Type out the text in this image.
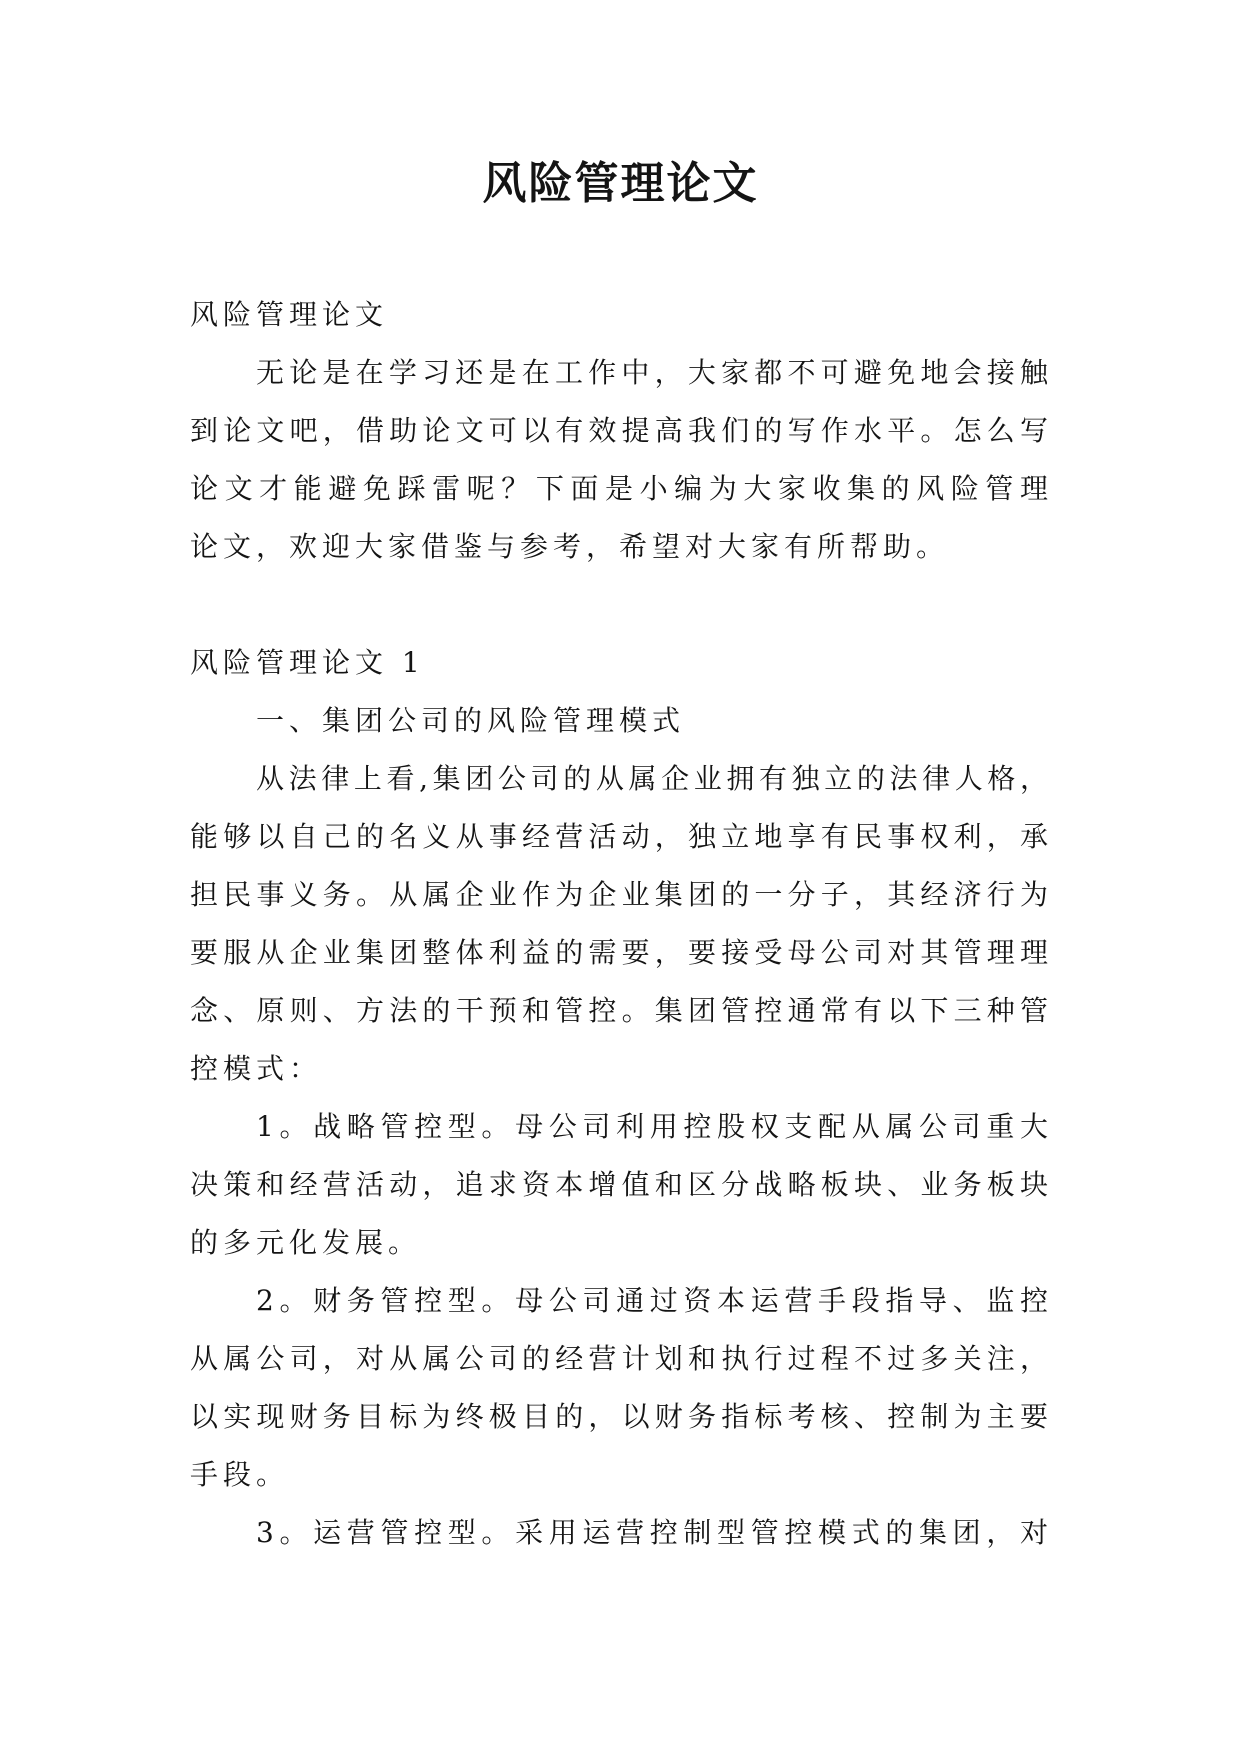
风险管理论文
风险管理论文
无论是在学习还是在工作中，大家都不可避免地会接触
到论文吧，借助论文可以有效提高我们的写作水平。怎么写
论文才能避免踩雷呢？下面是小编为大家收集的风险管理
论文，欢迎大家借鉴与参考，希望对大家有所帮助。
风险管理论文 1
一、集团公司的风险管理模式
从法律上看,集团公司的从属企业拥有独立的法律人格，
能够以自己的名义从事经营活动，独立地享有民事权利，承
担民事义务。从属企业作为企业集团的一分子，其经济行为
要服从企业集团整体利益的需要，要接受母公司对其管理理
念、原则、方法的干预和管控。集团管控通常有以下三种管
控模式：
1。战略管控型。母公司利用控股权支配从属公司重大
决策和经营活动，追求资本增值和区分战略板块、业务板块
的多元化发展。
2。财务管控型。母公司通过资本运营手段指导、监控
从属公司，对从属公司的经营计划和执行过程不过多关注，
以实现财务目标为终极目的，以财务指标考核、控制为主要
手段。
3。运营管控型。采用运营控制型管控模式的集团，对
